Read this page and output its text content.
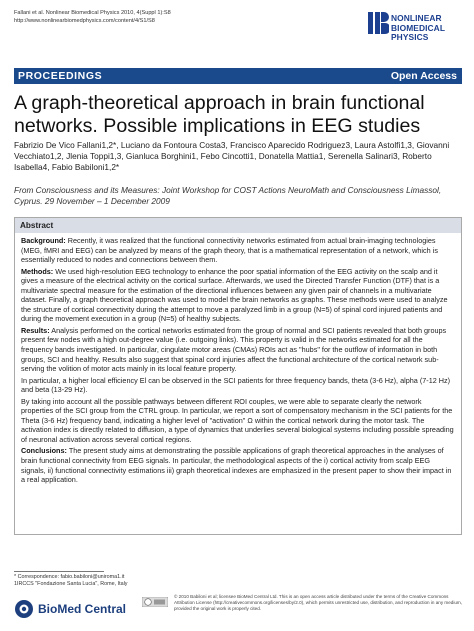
Fallani et al. Nonlinear Biomedical Physics 2010, 4(Suppl 1):S8
http://www.nonlinearbiomedphysics.com/content/4/S1/S8	NONLINEAR BIOMEDICAL
PHYSICS
PROCEEDINGS	Open Access
A graph-theoretical approach in brain functional networks. Possible implications in EEG studies
Fabrizio De Vico Fallani1,2*, Luciano da Fontoura Costa3, Francisco Aparecido Rodriguez3, Laura Astolfi1,3, Giovanni Vecchiato1,2, Jlenia Toppi1,3, Gianluca Borghini1, Febo Cincotti1, Donatella Mattia1, Serenella Salinari3, Roberto Isabella4, Fabio Babiloni1,2*
From Consciousness and its Measures: Joint Workshop for COST Actions NeuroMath and Consciousness Limassol, Cyprus. 29 November – 1 December 2009
Abstract

Background: Recently, it was realized that the functional connectivity networks estimated from actual brain-imaging technologies (MEG, fMRI and EEG) can be analyzed by means of the graph theory, that is a mathematical representation of a network, which is essentially reduced to nodes and connections between them.

Methods: We used high-resolution EEG technology to enhance the poor spatial information of the EEG activity on the scalp and it gives a measure of the electrical activity on the cortical surface. Afterwards, we used the Directed Transfer Function (DTF) that is a multivariate spectral measure for the estimation of the directional influences between any given pair of channels in a multivariate dataset. Finally, a graph theoretical approach was used to model the brain networks as graphs. These methods were used to analyze the structure of cortical connectivity during the attempt to move a paralyzed limb in a group (N=5) of spinal cord injured patients and during the movement execution in a group (N=5) of healthy subjects.

Results: Analysis performed on the cortical networks estimated from the group of normal and SCI patients revealed that both groups present few nodes with a high out-degree value (i.e. outgoing links). This property is valid in the networks estimated for all the frequency bands investigated. In particular, cingulate motor areas (CMAs) ROIs act as "hubs" for the outflow of information in both groups, SCI and healthy. Results also suggest that spinal cord injuries affect the functional architecture of the cortical network sub-serving the volition of motor acts mainly in its local feature property.

In particular, a higher local efficiency El can be observed in the SCI patients for three frequency bands, theta (3-6 Hz), alpha (7-12 Hz) and beta (13-29 Hz).

By taking into account all the possible pathways between different ROI couples, we were able to separate clearly the network properties of the SCI group from the CTRL group. In particular, we report a sort of compensatory mechanism in the SCI patients for the Theta (3-6 Hz) frequency band, indicating a higher level of "activation" Ω within the cortical network during the motor task. The activation index is directly related to diffusion, a type of dynamics that underlies several biological systems including possible spreading of neuronal activation across several cortical regions.

Conclusions: The present study aims at demonstrating the possible applications of graph theoretical approaches in the analyses of brain functional connectivity from EEG signals. In particular, the methodological aspects of the i) cortical activity from scalp EEG signals, ii) functional connectivity estimations iii) graph theoretical indexes are emphasized in the present paper to show their impact in a real application.

* Correspondence: fabio.babiloni@uniroma1.it
1IRCCS "Fondazione Santa Lucia", Rome, Italy
BioMed Central
© 2010 Babiloni et al; licensee BioMed Central Ltd. This is an open access article distributed under the terms of the Creative Commons Attribution License (http://creativecommons.org/licenses/by/2.0), which permits unrestricted use, distribution, and reproduction in any medium, provided the original work is properly cited.
